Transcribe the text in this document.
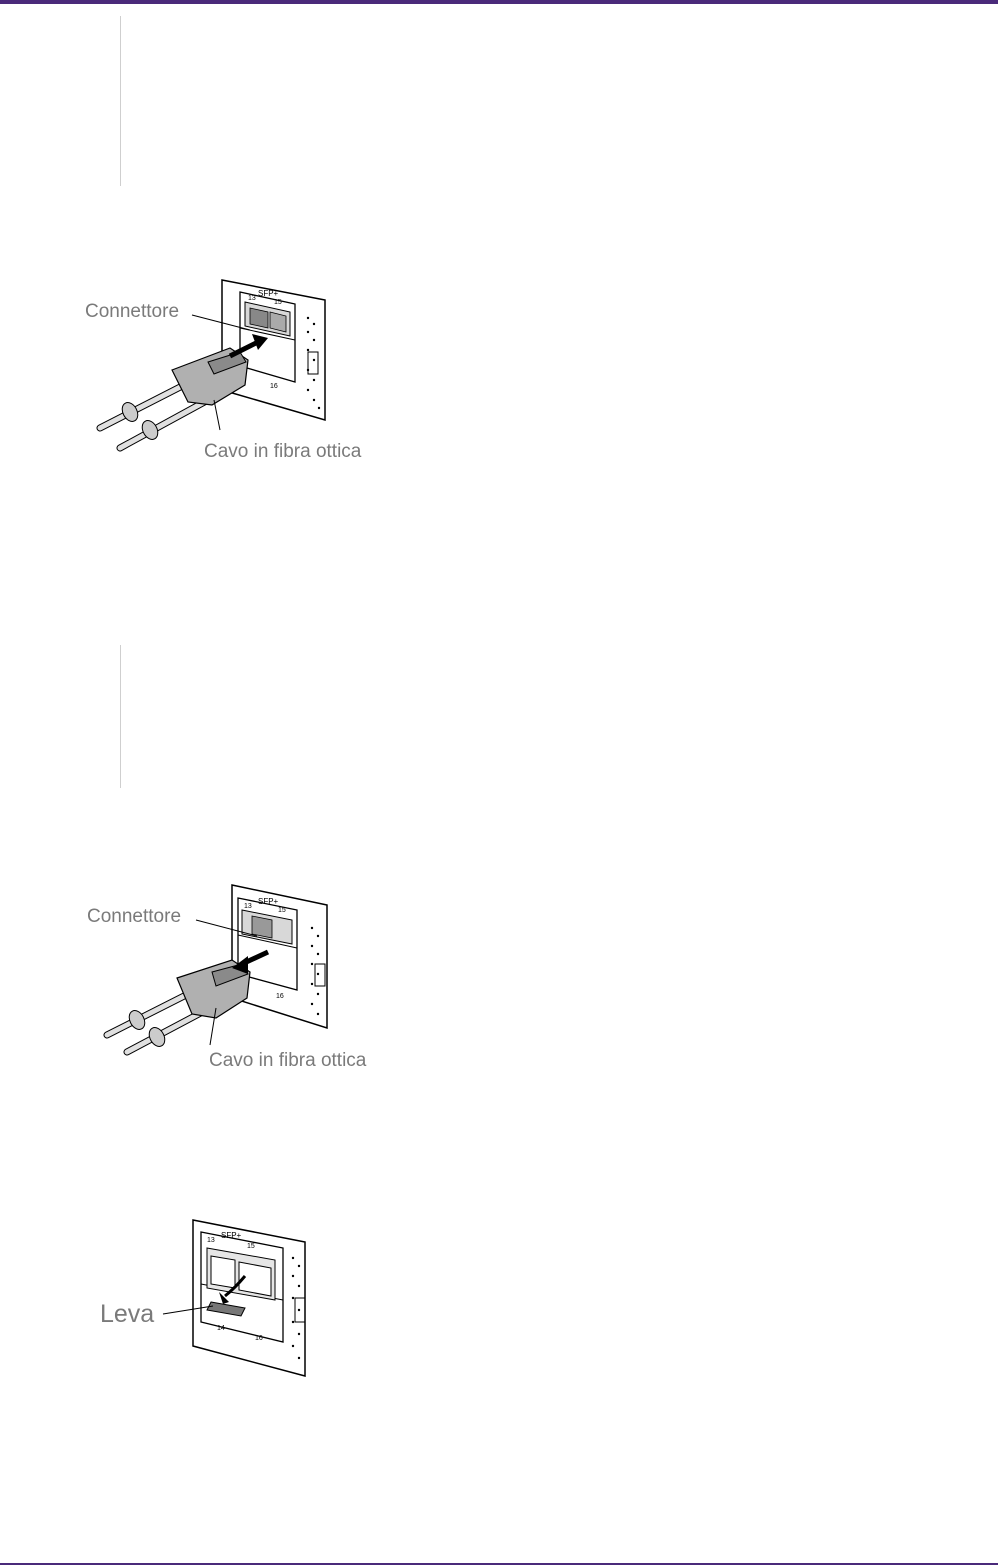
13
SFP+
15
16
Connettore
Cavo in fibra ottica
13
SFP+
15
16
Connettore
Cavo in fibra ottica
13
SFP+
15
14
16
Leva
